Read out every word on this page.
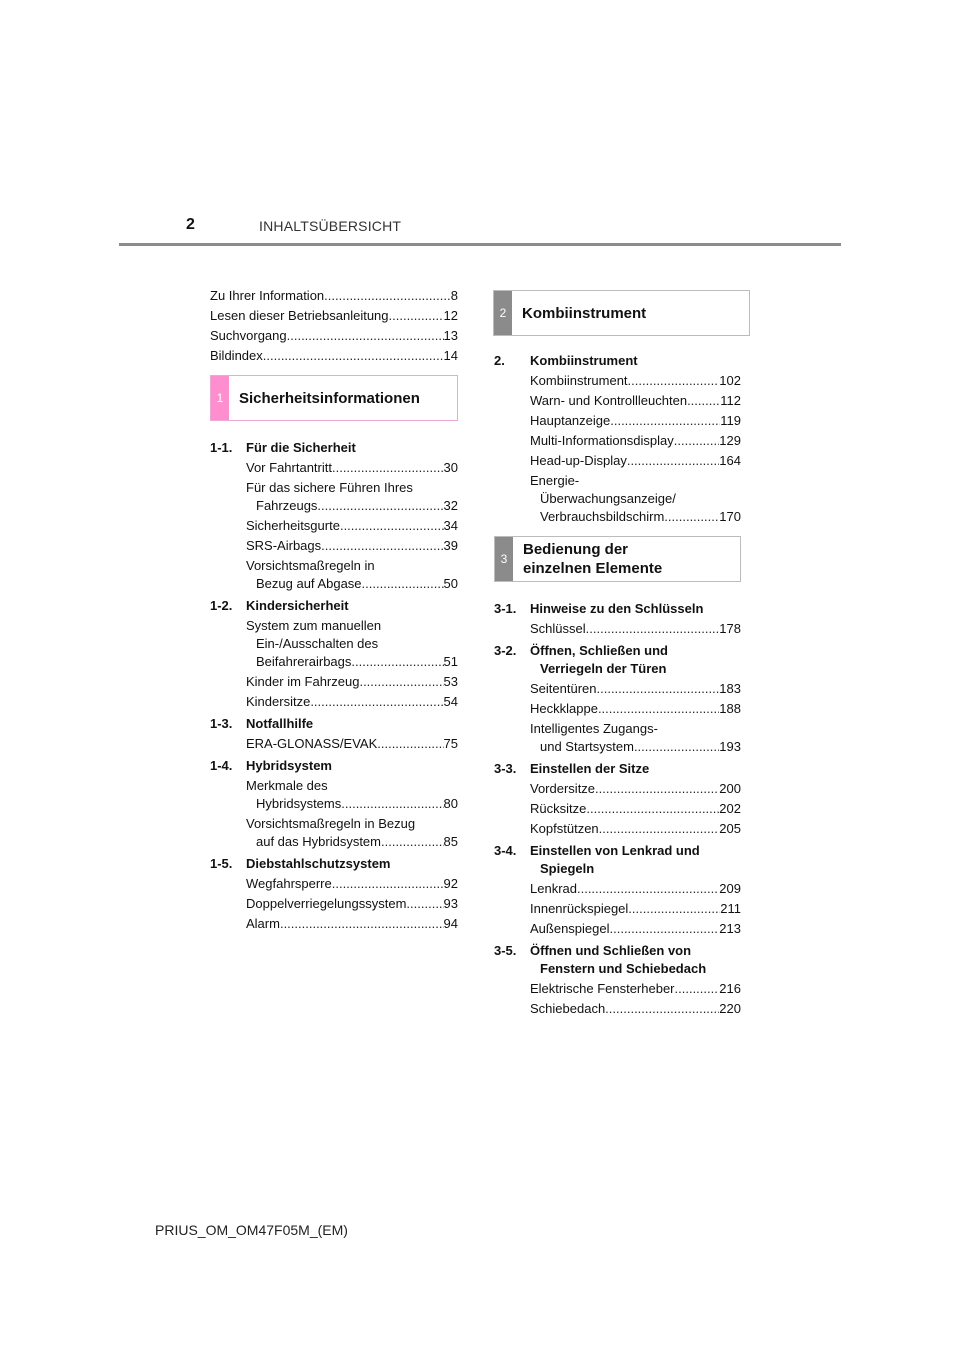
2	INHALTSÜBERSICHT
Zu Ihrer Information .....	8
Lesen dieser Betriebsanleitung .....	12
Suchvorgang .....	13
Bildindex .....	14
1	Sicherheitsinformationen
1-1.	Für die Sicherheit
Vor Fahrtantritt .....	30
Für das sichere Führen Ihres
Fahrzeugs .....	32
Sicherheitsgurte .....	34
SRS-Airbags .....	39
Vorsichtsmaßregeln in
Bezug auf Abgase .....	50
1-2.	Kindersicherheit
System zum manuellen
Ein-/Ausschalten des
Beifahrerairbags .....	51
Kinder im Fahrzeug .....	53
Kindersitze .....	54
1-3.	Notfallhilfe
ERA-GLONASS/EVAK .....	75
1-4.	Hybridsystem
Merkmale des
Hybridsystems .....	80
Vorsichtsmaßregeln in Bezug
auf das Hybridsystem .....	85
1-5.	Diebstahlschutzsystem
Wegfahrsperre .....	92
Doppelverriegelungssystem .....	93
Alarm .....	94
2	Kombiinstrument
2.	Kombiinstrument
Kombiinstrument .....	102
Warn- und Kontrollleuchten .....	112
Hauptanzeige .....	119
Multi-Informationsdisplay .....	129
Head-up-Display .....	164
Energie-
Überwachungsanzeige/
Verbrauchsbildschirm .....	170
3
Bedienung der
einzelnen Elemente
3-1.	Hinweise zu den Schlüsseln
Schlüssel .....	178
3-2.	Öffnen, Schließen und
Verriegeln der Türen
Seitentüren .....	183
Heckklappe .....	188
Intelligentes Zugangs-
und Startsystem .....	193
3-3.	Einstellen der Sitze
Vordersitze .....	200
Rücksitze .....	202
Kopfstützen .....	205
3-4.	Einstellen von Lenkrad und
Spiegeln
Lenkrad .....	209
Innenrückspiegel .....	211
Außenspiegel .....	213
3-5.	Öffnen und Schließen von
Fenstern und Schiebedach
Elektrische Fensterheber .....	216
Schiebedach .....	220
PRIUS_OM_OM47F05M_(EM)
